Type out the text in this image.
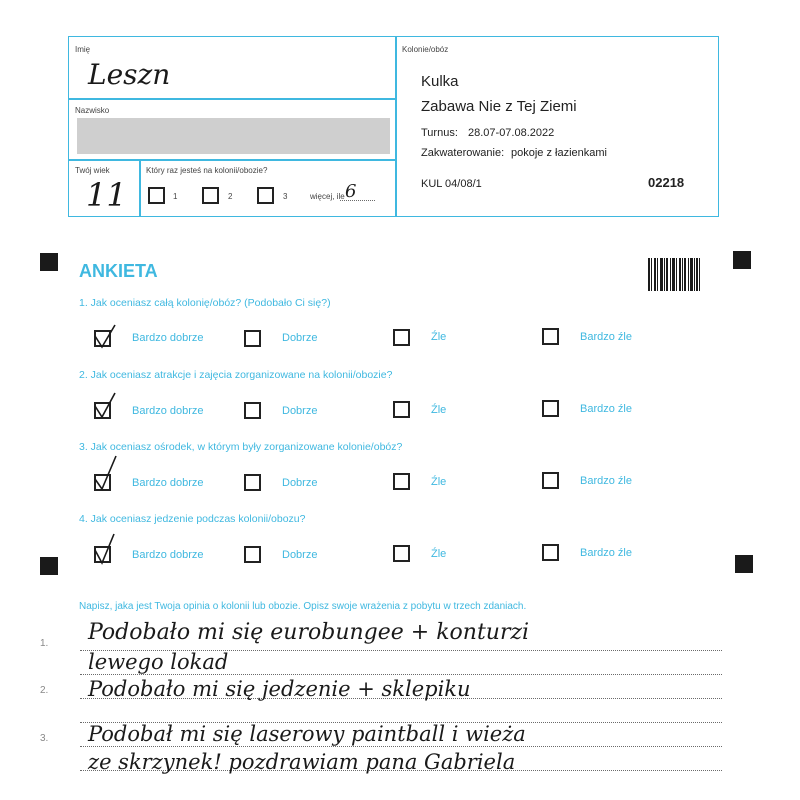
Imię
Leszn
Nazwisko
Twój wiek
11
Który raz jesteś na kolonii/obozie?
1	2	3	więcej, ile 6
Kolonie/obóz
Kulka
Zabawa Nie z Tej Ziemi
Turnus: 28.07-07.08.2022
Zakwaterowanie: pokoje z łazienkami
KUL 04/08/1	02218
ANKIETA
1. Jak oceniasz całą kolonię/obóz? (Podobało Ci się?)
Bardzo dobrze	Dobrze	Źle	Bardzo źle
2. Jak oceniasz atrakcje i zajęcia zorganizowane na kolonii/obozie?
Bardzo dobrze	Dobrze	Źle	Bardzo źle
3. Jak oceniasz ośrodek, w którym były zorganizowane kolonie/obóz?
Bardzo dobrze	Dobrze	Źle	Bardzo źle
4. Jak oceniasz jedzenie podczas kolonii/obozu?
Bardzo dobrze	Dobrze	Źle	Bardzo źle
Napisz, jaka jest Twoja opinia o kolonii lub obozie. Opisz swoje wrażenia z pobytu w trzech zdaniach.
1.
2.
3.
Podobało mi się eurobungee + konturzi
lewego lokad
Podobało mi się jedzenie + sklepiku
Podobał mi się laserowy paintball i wieża
ze skrzynek! pozdrawiam pana Gabriela
